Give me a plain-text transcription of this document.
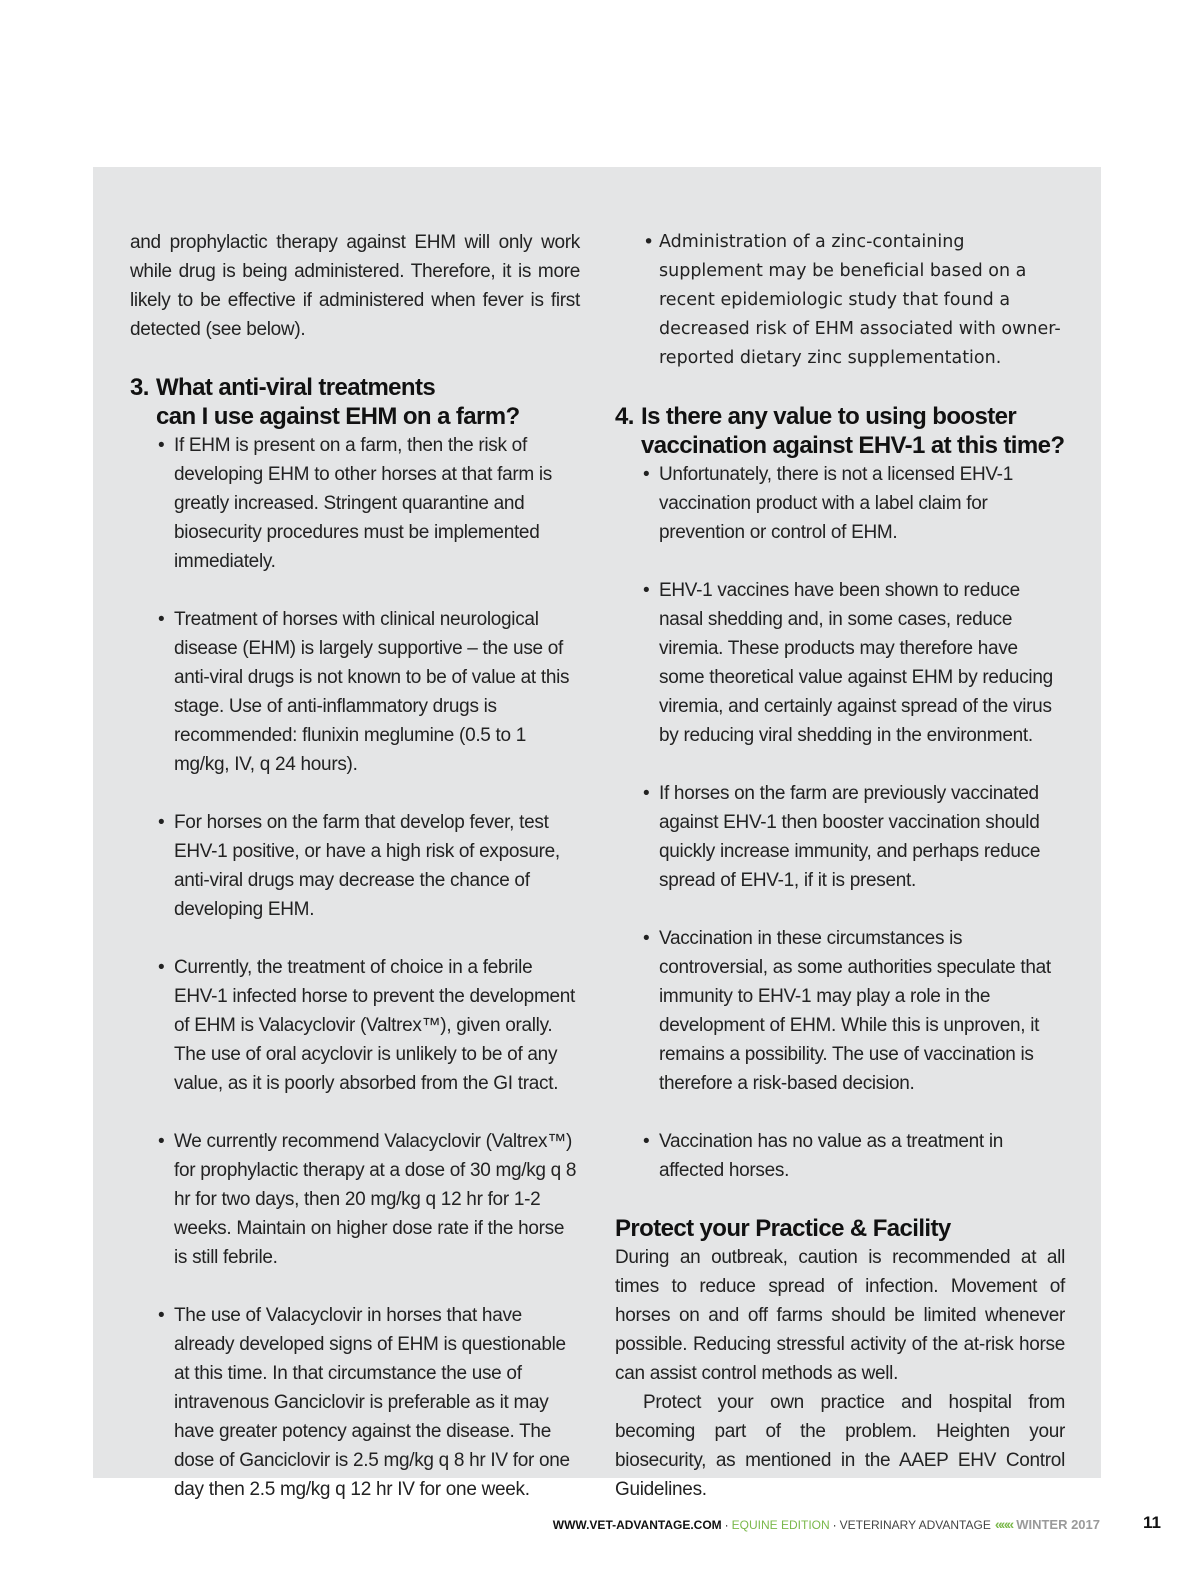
and prophylactic therapy against EHM will only work while drug is being administered. Therefore, it is more likely to be effective if administered when fever is first detected (see below).

3. What anti-viral treatments
can I use against EHM on a farm?
• If EHM is present on a farm, then the risk of developing EHM to other horses at that farm is greatly increased. Stringent quarantine and biosecurity procedures must be implemented immediately.
• Treatment of horses with clinical neurological disease (EHM) is largely supportive – the use of anti-viral drugs is not known to be of value at this stage. Use of anti-inflammatory drugs is recommended: flunixin meglumine (0.5 to 1 mg/kg, IV, q 24 hours).
• For horses on the farm that develop fever, test EHV-1 positive, or have a high risk of exposure, anti-viral drugs may decrease the chance of developing EHM.
• Currently, the treatment of choice in a febrile EHV-1 infected horse to prevent the development of EHM is Valacyclovir (Valtrex™), given orally. The use of oral acyclovir is unlikely to be of any value, as it is poorly absorbed from the GI tract.
• We currently recommend Valacyclovir (Valtrex™) for prophylactic therapy at a dose of 30 mg/kg q 8 hr for two days, then 20 mg/kg q 12 hr for 1-2 weeks. Maintain on higher dose rate if the horse is still febrile.
• The use of Valacyclovir in horses that have already developed signs of EHM is questionable at this time. In that circumstance the use of intravenous Ganciclovir is preferable as it may have greater potency against the disease. The dose of Ganciclovir is 2.5 mg/kg q 8 hr IV for one day then 2.5 mg/kg q 12 hr IV for one week.
• Administration of a zinc-containing supplement may be beneficial based on a recent epidemiologic study that found a decreased risk of EHM associated with owner-reported dietary zinc supplementation.
4. Is there any value to using booster
vaccination against EHV-1 at this time?
• Unfortunately, there is not a licensed EHV-1 vaccination product with a label claim for prevention or control of EHM.
• EHV-1 vaccines have been shown to reduce nasal shedding and, in some cases, reduce viremia. These products may therefore have some theoretical value against EHM by reducing viremia, and certainly against spread of the virus by reducing viral shedding in the environment.
• If horses on the farm are previously vaccinated against EHV-1 then booster vaccination should quickly increase immunity, and perhaps reduce spread of EHV-1, if it is present.
• Vaccination in these circumstances is controversial, as some authorities speculate that immunity to EHV-1 may play a role in the development of EHM. While this is unproven, it remains a possibility. The use of vaccination is therefore a risk-based decision.
• Vaccination has no value as a treatment in affected horses.
Protect your Practice & Facility

During an outbreak, caution is recommended at all times to reduce spread of infection. Movement of horses on and off farms should be limited whenever possible. Reducing stressful activity of the at-risk horse can assist control methods as well.

Protect your own practice and hospital from becoming part of the problem. Heighten your biosecurity, as mentioned in the AAEP EHV Control Guidelines.

WWW.VET-ADVANTAGE.COM · EQUINE EDITION · VETERINARY ADVANTAGE ««« WINTER 2017	11
